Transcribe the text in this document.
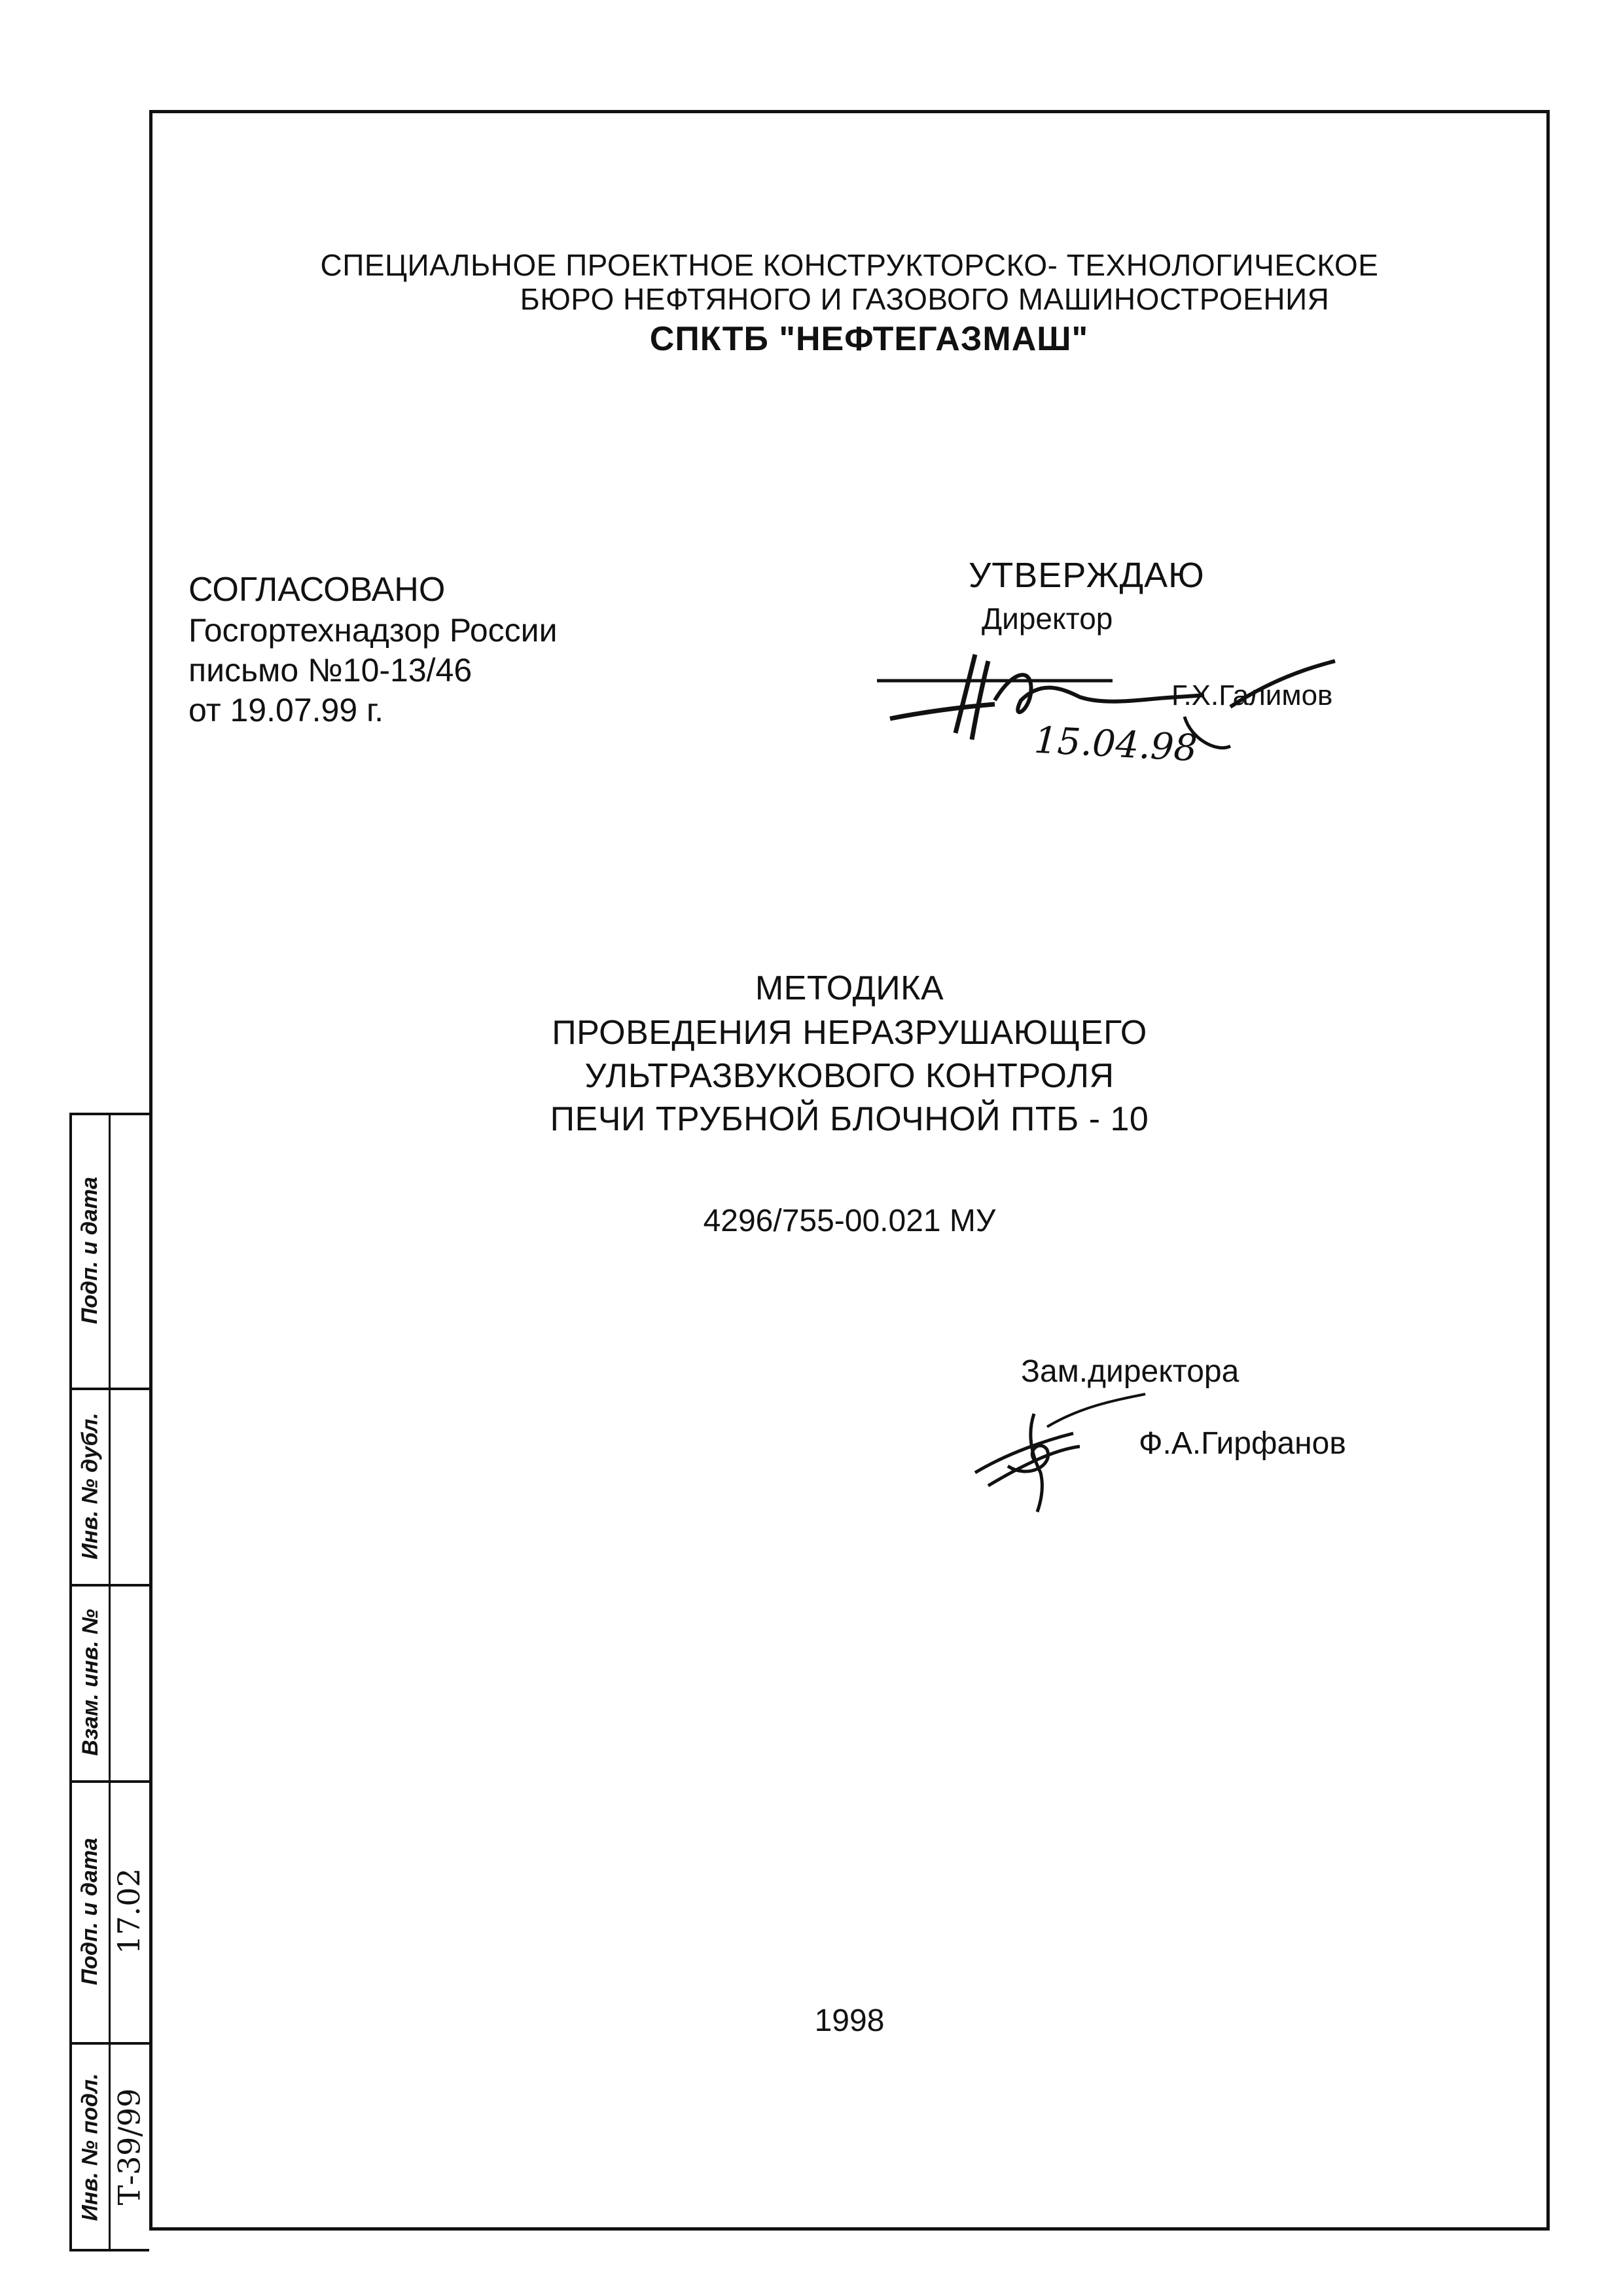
СПЕЦИАЛЬНОЕ ПРОЕКТНОЕ КОНСТРУКТОРСКО- ТЕХНОЛОГИЧЕСКОЕ
БЮРО НЕФТЯНОГО И ГАЗОВОГО МАШИНОСТРОЕНИЯ
СПКТБ "НЕФТЕГАЗМАШ"
СОГЛАСОВАНО
Госгортехнадзор России
письмо №10-13/46
от 19.07.99 г.
УТВЕРЖДАЮ
Директор
Г.Х.Галимов
15.04.98
МЕТОДИКА
ПРОВЕДЕНИЯ НЕРАЗРУШАЮЩЕГО
УЛЬТРАЗВУКОВОГО КОНТРОЛЯ
ПЕЧИ ТРУБНОЙ БЛОЧНОЙ ПТБ - 10
4296/755-00.021 МУ
Зам.директора
Ф.А.Гирфанов
1998
Подп. и дата
Инв. № дубл.
Взам. инв. №
Подп. и дата
Инв. № подл.
17.02
Т-39/99
